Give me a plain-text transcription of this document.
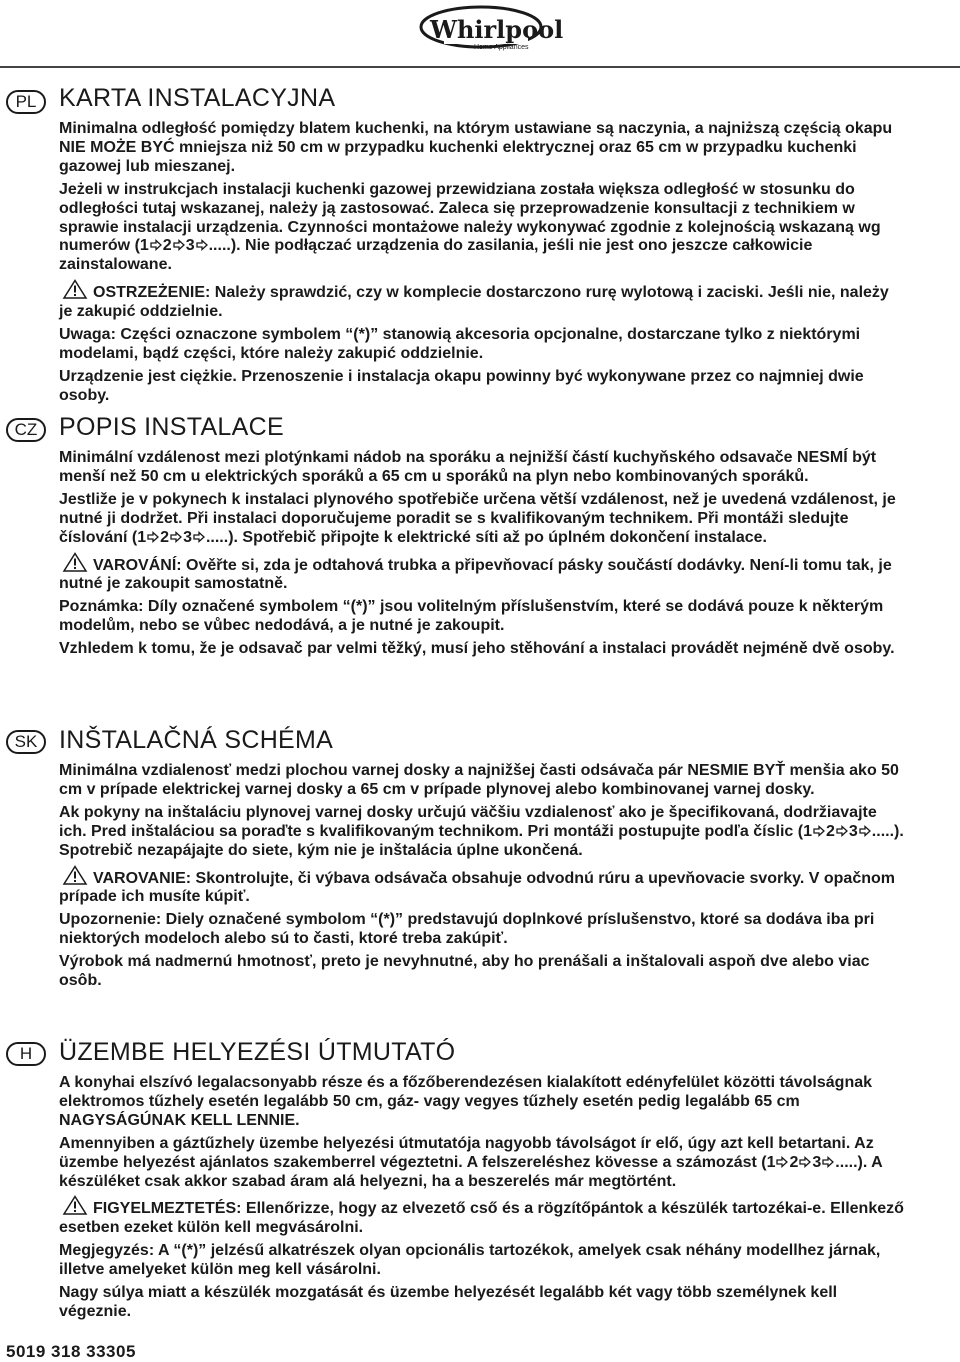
Whirlpool
Home Appliances
PL KARTA INSTALACYJNA

Minimalna odległość pomiędzy blatem kuchenki, na którym ustawiane są naczynia, a najniższą częścią okapu NIE MOŻE BYĆ mniejsza niż 50 cm w przypadku kuchenki elektrycznej oraz 65 cm w przypadku kuchenki gazowej lub mieszanej.

Jeżeli w instrukcjach instalacji kuchenki gazowej przewidziana została większa odległość w stosunku do odległości tutaj wskazanej, należy ją zastosować. Zaleca się przeprowadzenie konsultacji z technikiem w sprawie instalacji urządzenia. Czynności montażowe należy wykonywać zgodnie z kolejnością wskazaną wg numerów (1 2 3 .....). Nie podłączać urządzenia do zasilania, jeśli nie jest ono jeszcze całkowicie zainstalowane.

OSTRZEŻENIE: Należy sprawdzić, czy w komplecie dostarczono rurę wylotową i zaciski. Jeśli nie, należy je zakupić oddzielnie.

Uwaga: Części oznaczone symbolem “(*)” stanowią akcesoria opcjonalne, dostarczane tylko z niektórymi modelami, bądź części, które należy zakupić oddzielnie.

Urządzenie jest ciężkie. Przenoszenie i instalacja okapu powinny być wykonywane przez co najmniej dwie osoby.

CZ POPIS INSTALACE

Minimální vzdálenost mezi plotýnkami nádob na sporáku a nejnižší částí kuchyňského odsavače NESMÍ být menší než 50 cm u elektrických sporáků a 65 cm u sporáků na plyn nebo kombinovaných sporáků.

Jestliže je v pokynech k instalaci plynového spotřebiče určena větší vzdálenost, než je uvedená vzdálenost, je nutné ji dodržet. Při instalaci doporučujeme poradit se s kvalifikovaným technikem. Při montáži sledujte číslování (1 2 3 .....). Spotřebič připojte k elektrické síti až po úplném dokončení instalace.

VAROVÁNÍ: Ověřte si, zda je odtahová trubka a připevňovací pásky součástí dodávky. Není-li tomu tak, je nutné je zakoupit samostatně.

Poznámka: Díly označené symbolem “(*)” jsou volitelným příslušenstvím, které se dodává pouze k některým modelům, nebo se vůbec nedodává, a je nutné je zakoupit.

Vzhledem k tomu, že je odsavač par velmi těžký, musí jeho stěhování a instalaci provádět nejméně dvě osoby.

SK INŠTALAČNÁ SCHÉMA

Minimálna vzdialenosť medzi plochou varnej dosky a najnižšej časti odsávača pár NESMIE BYŤ menšia ako 50 cm v prípade elektrickej varnej dosky a 65 cm v prípade plynovej alebo kombinovanej varnej dosky.

Ak pokyny na inštaláciu plynovej varnej dosky určujú väčšiu vzdialenosť ako je špecifikovaná, dodržiavajte ich. Pred inštaláciou sa poraďte s kvalifikovaným technikom. Pri montáži postupujte podľa číslic (1 2 3 .....). Spotrebič nezapájajte do siete, kým nie je inštalácia úplne ukončená.

VAROVANIE: Skontrolujte, či výbava odsávača obsahuje odvodnú rúru a upevňovacie svorky. V opačnom prípade ich musíte kúpiť.

Upozornenie: Diely označené symbolom “(*)” predstavujú doplnkové príslušenstvo, ktoré sa dodáva iba pri niektorých modeloch alebo sú to časti, ktoré treba zakúpiť.

Výrobok má nadmernú hmotnosť, preto je nevyhnutné, aby ho prenášali a inštalovali aspoň dve alebo viac osôb.

H	ÜZEMBE HELYEZÉSI ÚTMUTATÓ

A konyhai elszívó legalacsonyabb része és a főzőberendezésen kialakított edényfelület közötti távolságnak elektromos tűzhely esetén legalább 50 cm, gáz- vagy vegyes tűzhely esetén pedig legalább 65 cm NAGYSÁGÚNAK KELL LENNIE.

Amennyiben a gáztűzhely üzembe helyezési útmutatója nagyobb távolságot ír elő, úgy azt kell betartani. Az üzembe helyezést ajánlatos szakemberrel végeztetni. A felszereléshez kövesse a számozást (1 2 3 .....). A készüléket csak akkor szabad áram alá helyezni, ha a beszerelés már megtörtént.

FIGYELMEZTETÉS: Ellenőrizze, hogy az elvezető cső és a rögzítőpántok a készülék tartozékai-e. Ellenkező esetben ezeket külön kell megvásárolni.

Megjegyzés: A “(*)” jelzésű alkatrészek olyan opcionális tartozékok, amelyek csak néhány modellhez járnak, illetve amelyeket külön meg kell vásárolni.

Nagy súlya miatt a készülék mozgatását és üzembe helyezését legalább két vagy több személynek kell végeznie.

5019 318 33305
